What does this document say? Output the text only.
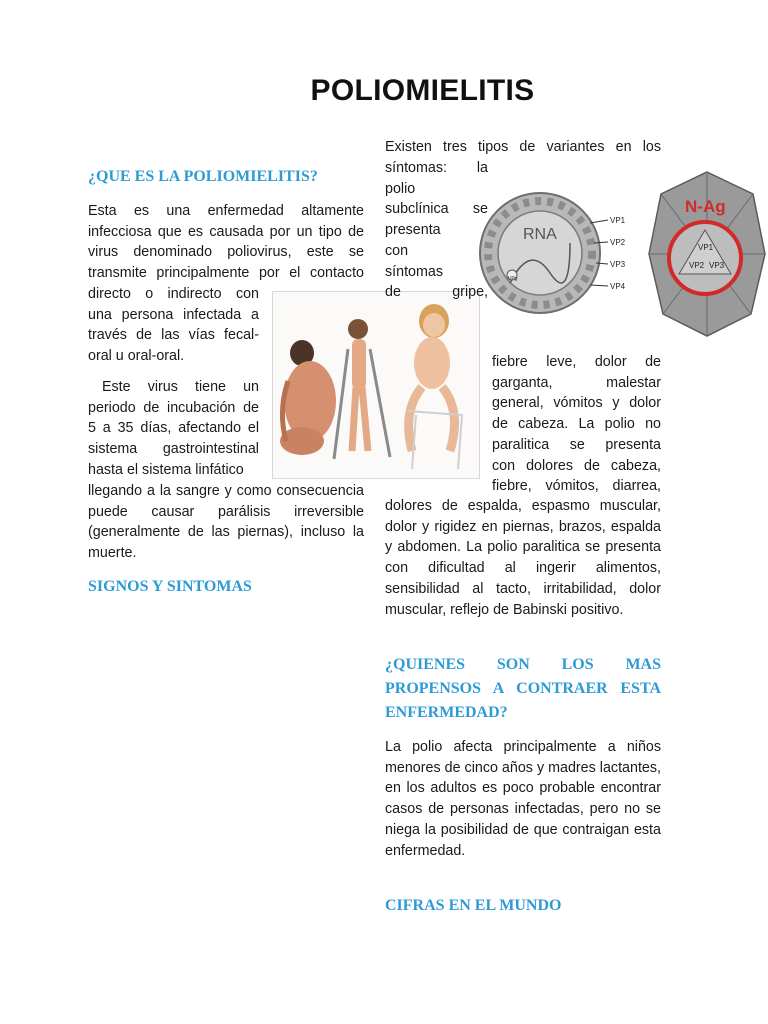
POLIOMIELITIS
¿QUE ES LA POLIOMIELITIS?

Esta es una enfermedad altamente infecciosa que es causada por un tipo de virus denominado poliovirus, este se transmite principalmente por el contacto

directo o indirecto con
una persona infectada a
través de las vías fecal-
oral u oral-oral.
Este virus tiene un
periodo de incubación de
5 a 35 días, afectando el
sistema gastrointestinal
hasta el sistema linfático

llegando a la sangre y como consecuencia puede causar parálisis irreversible (generalmente de las piernas), incluso la muerte.

SIGNOS Y SINTOMAS
Existen tres tipos de variantes en los
síntomas: la polio
subclínica se
presenta
con
síntomas
de gripe,
RNA
VPg
VP1
VP2
VP3
VP4
N-Ag
VP1
VP2 VP3
fiebre leve, dolor de
garganta, malestar
general, vómitos y dolor
de cabeza. La polio no
paralitica se presenta
con dolores de cabeza,
fiebre, vómitos, diarrea,

dolores de espalda, espasmo muscular, dolor y rigidez en piernas, brazos, espalda y abdomen. La polio paralitica se presenta con dificultad al ingerir alimentos, sensibilidad al tacto, irritabilidad, dolor muscular, reflejo de Babinski positivo.

¿QUIENES SON LOS MAS PROPENSOS A CONTRAER ESTA ENFERMEDAD?

La polio afecta principalmente a niños menores de cinco años y madres lactantes, en los adultos es poco probable encontrar casos de personas infectadas, pero no se niega la posibilidad de que contraigan esta enfermedad.

CIFRAS EN EL MUNDO
